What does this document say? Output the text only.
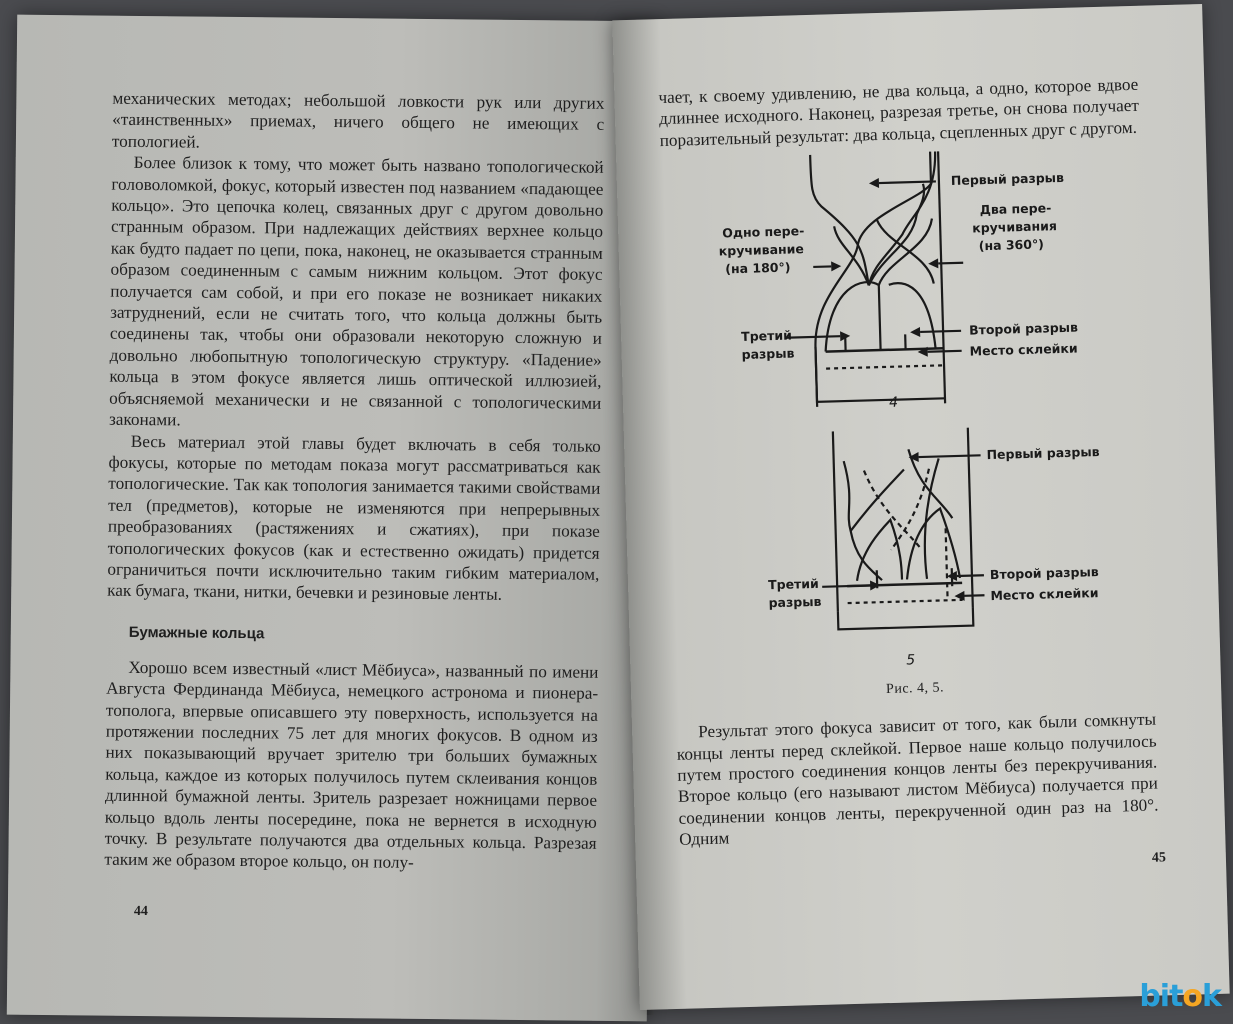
механических методах; небольшой ловкости рук или других «таинственных» приемах, ничего общего не имеющих с топологией.

Более близок к тому, что может быть названо топологической головоломкой, фокус, который известен под названием «падающее кольцо». Это цепочка колец, связанных друг с другом довольно странным образом. При надлежащих действиях верхнее кольцо как будто падает по цепи, пока, наконец, не оказывается странным образом соединенным с самым нижним кольцом. Этот фокус получается сам собой, и при его показе не возникает никаких затруднений, если не считать того, что кольца должны быть соединены так, чтобы они образовали некоторую сложную и довольно любопытную топологическую структуру. «Падение» кольца в этом фокусе является лишь оптической иллюзией, объясняемой механически и не связанной с топологическими законами.

Весь материал этой главы будет включать в себя только фокусы, которые по методам показа могут рассматриваться как топологические. Так как топология занимается такими свойствами тел (предметов), которые не изменяются при непрерывных преобразованиях (растяжениях и сжатиях), при показе топологических фокусов (как и естественно ожидать) придется ограничиться почти исключительно таким гибким материалом, как бумага, ткани, нитки, бечевки и резиновые ленты.

Бумажные кольца

Хорошо всем известный «лист Мёбиуса», названный по имени Августа Фердинанда Мёбиуса, немецкого астронома и пионера-тополога, впервые описавшего эту поверхность, используется на протяжении последних 75 лет для многих фокусов. В одном из них показывающий вручает зрителю три больших бумажных кольца, каждое из которых получилось путем склеивания концов длинной бумажной ленты. Зритель разрезает ножницами первое кольцо вдоль ленты посередине, пока не вернется в исходную точку. В результате получаются два отдельных кольца. Разрезая таким же образом второе кольцо, он полу-

44

чает, к своему удивлению, не два кольца, а одно, которое вдвое длиннее исходного. Наконец, разрезая третье, он снова получает поразительный результат: два кольца, сцепленных друг с другом.

Первый разрыв
Одно пере-
кручивание
(на 180°)
Два пере-
кручивания
(на 360°)
Второй разрыв
Третий
разрыв	Место склейки
4
Первый разрыв
Второй разрыв
Третий
разрыв	Место склейки
5

Рис. 4, 5.

Результат этого фокуса зависит от того, как были сомкнуты концы ленты перед склейкой. Первое наше кольцо получилось путем простого соединения концов ленты без перекручивания. Второе кольцо (его называют листом Мёбиуса) получается при соединении концов ленты, перекрученной один раз на 180°. Одним

45
bitok
